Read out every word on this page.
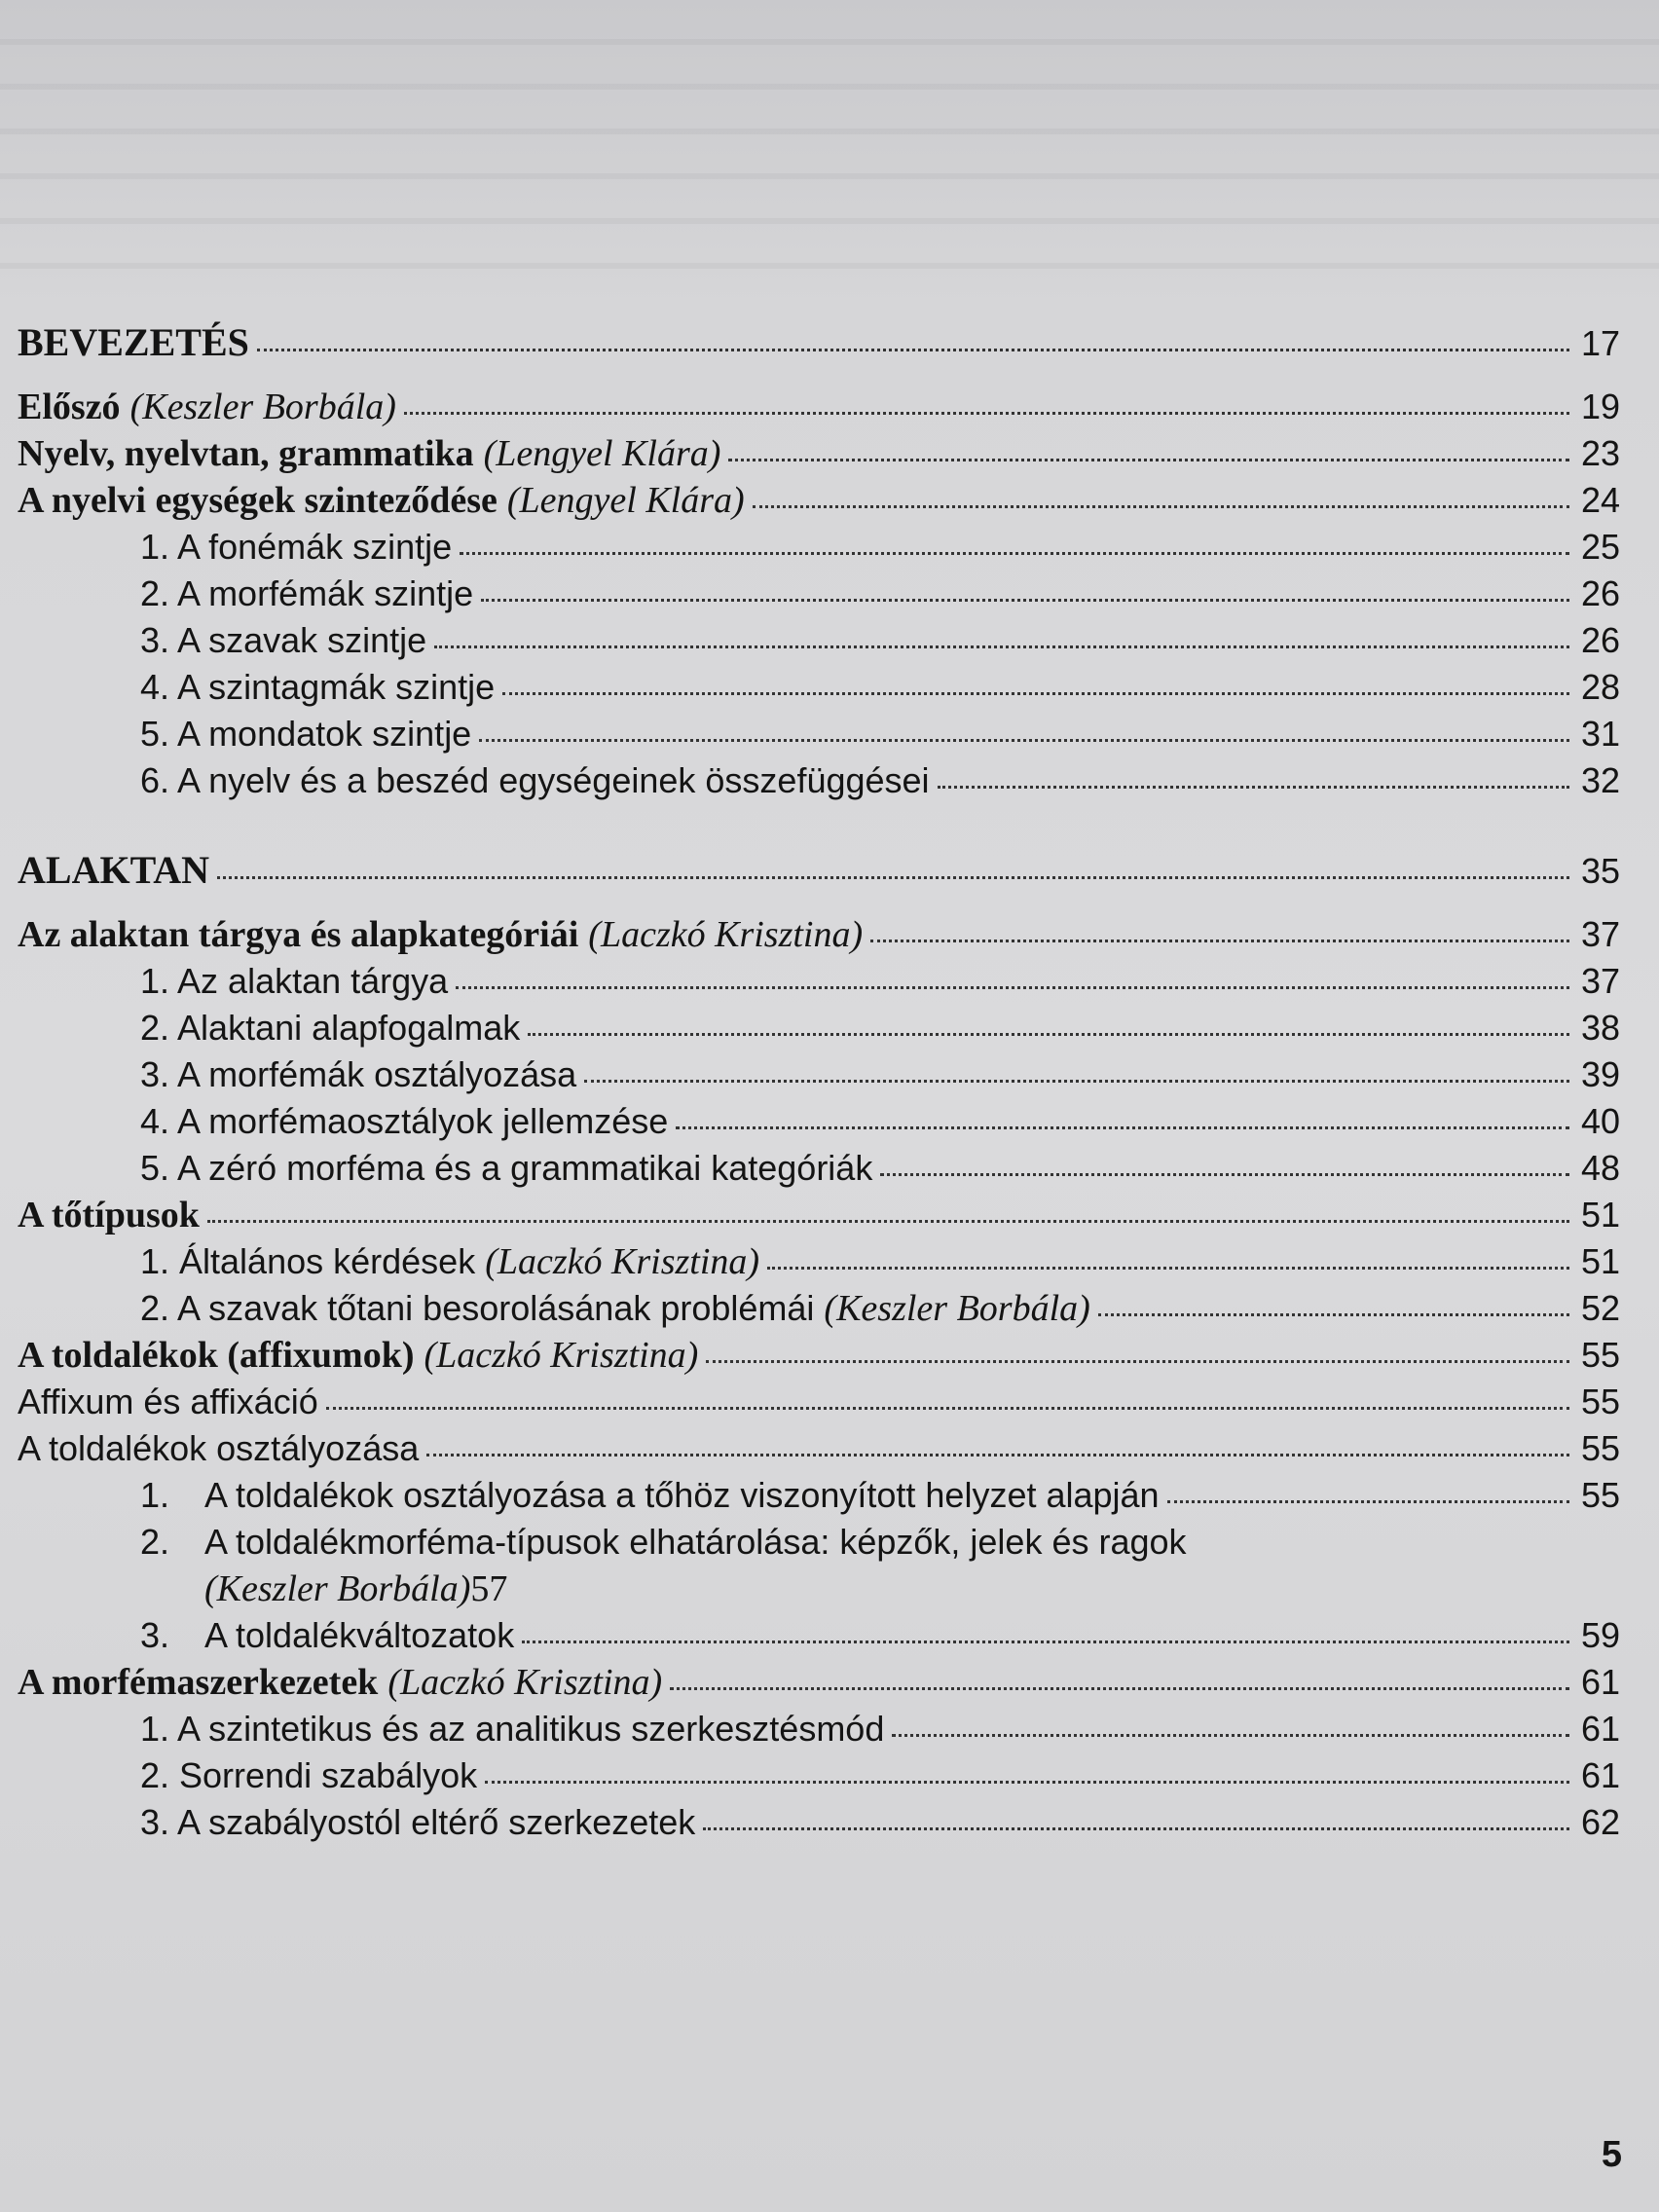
BEVEZETÉS	17
Előszó (Keszler Borbála)	19
Nyelv, nyelvtan, grammatika (Lengyel Klára)	23
A nyelvi egységek szinteződése (Lengyel Klára)	24
1. A fonémák szintje	25
2. A morfémák szintje	26
3. A szavak szintje	26
4. A szintagmák szintje	28
5. A mondatok szintje	31
6. A nyelv és a beszéd egységeinek összefüggései	32
ALAKTAN	35
Az alaktan tárgya és alapkategóriái (Laczkó Krisztina)	37
1. Az alaktan tárgya	37
2. Alaktani alapfogalmak	38
3. A morfémák osztályozása	39
4. A morfémaosztályok jellemzése	40
5. A zéró morféma és a grammatikai kategóriák	48
A tőtípusok	51
1. Általános kérdések (Laczkó Krisztina)	51
2. A szavak tőtani besorolásának problémái (Keszler Borbála)	52
A toldalékok (affixumok) (Laczkó Krisztina)	55
Affixum és affixáció	55
A toldalékok osztályozása	55
1. A toldalékok osztályozása a tőhöz viszonyított helyzet alapján	55
2. A toldalékmorféma-típusok elhatárolása: képzők, jelek és ragok
(Keszler Borbála) 57
3. A toldalékváltozatok	59
A morfémaszerkezetek (Laczkó Krisztina)	61
1. A szintetikus és az analitikus szerkesztésmód	61
2. Sorrendi szabályok	61
3. A szabályostól eltérő szerkezetek	62
5
